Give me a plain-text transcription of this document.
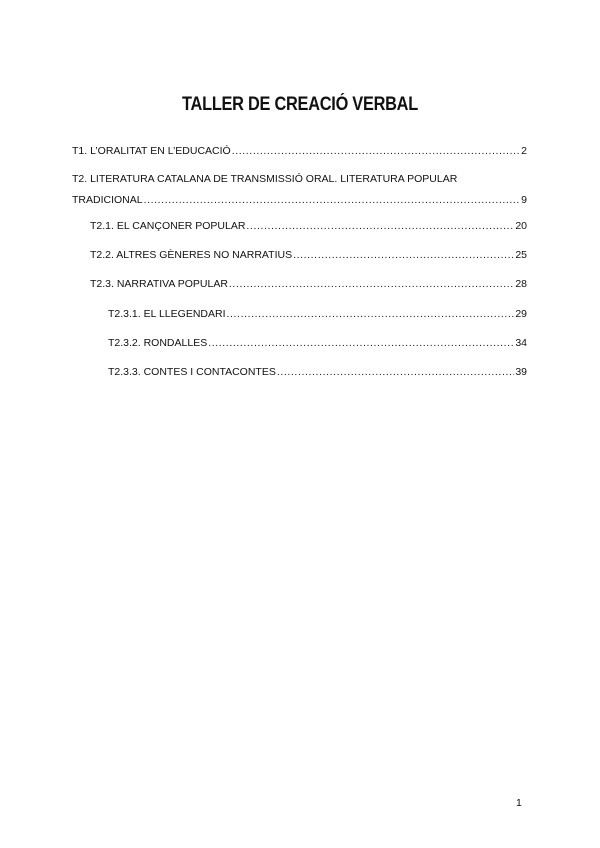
TALLER DE CREACIÓ VERBAL
T1. L’ORALITAT EN L’EDUCACIÓ .....	2
T2. LITERATURA CATALANA DE TRANSMISSIÓ ORAL. LITERATURA POPULAR
TRADICIONAL .....	9
T2.1. EL CANÇONER POPULAR .....	20
T2.2. ALTRES GÈNERES NO NARRATIUS .....	25
T2.3. NARRATIVA POPULAR .....	28
T2.3.1. EL LLEGENDARI .....	29
T2.3.2. RONDALLES .....	34
T2.3.3. CONTES I CONTACONTES .....	39
1
